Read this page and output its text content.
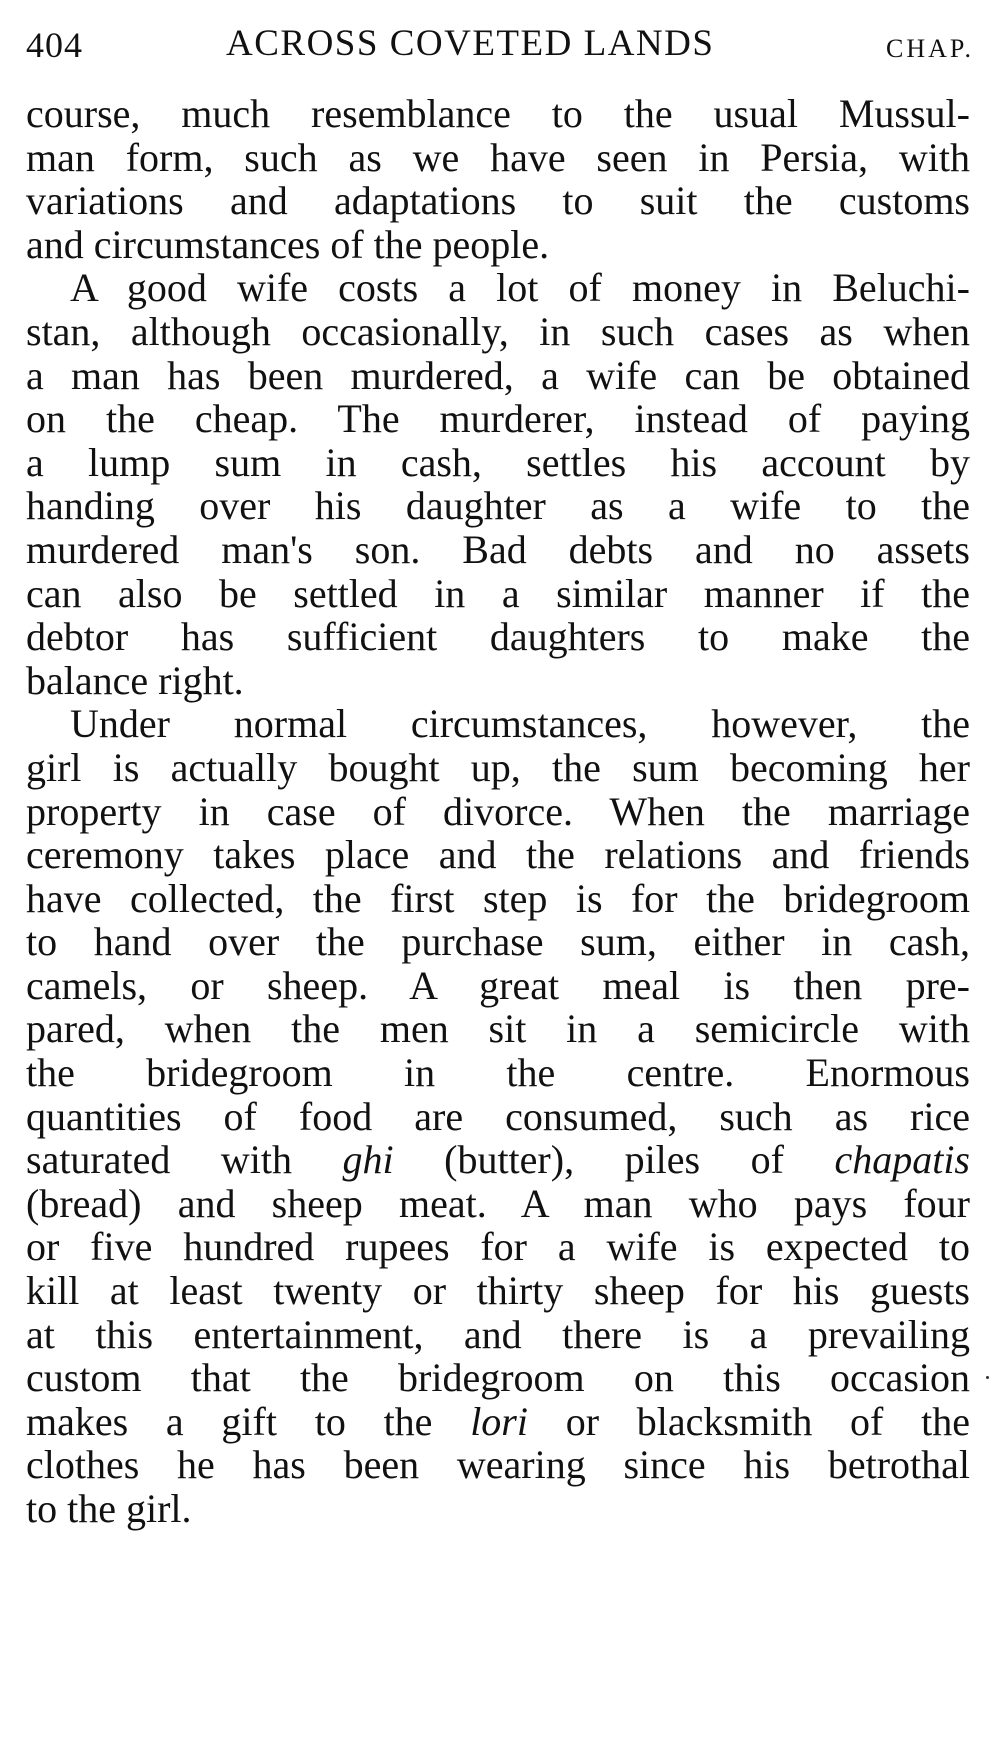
404	ACROSS COVETED LANDS	CHAP.
course, much resemblance to the usual Mussul-
man form, such as we have seen in Persia, with
variations and adaptations to suit the customs
and circumstances of the people.
A good wife costs a lot of money in Beluchi-
stan, although occasionally, in such cases as when
a man has been murdered, a wife can be obtained
on the cheap. The murderer, instead of paying
a lump sum in cash, settles his account by
handing over his daughter as a wife to the
murdered man's son. Bad debts and no assets
can also be settled in a similar manner if the
debtor has sufficient daughters to make the
balance right.
Under normal circumstances, however, the
girl is actually bought up, the sum becoming her
property in case of divorce. When the marriage
ceremony takes place and the relations and friends
have collected, the first step is for the bridegroom
to hand over the purchase sum, either in cash,
camels, or sheep. A great meal is then pre-
pared, when the men sit in a semicircle with
the bridegroom in the centre. Enormous
quantities of food are consumed, such as rice
saturated with ghi (butter), piles of chapatis
(bread) and sheep meat. A man who pays four
or five hundred rupees for a wife is expected to
kill at least twenty or thirty sheep for his guests
at this entertainment, and there is a prevailing
custom that the bridegroom on this occasion
makes a gift to the lori or blacksmith of the
clothes he has been wearing since his betrothal
to the girl.
